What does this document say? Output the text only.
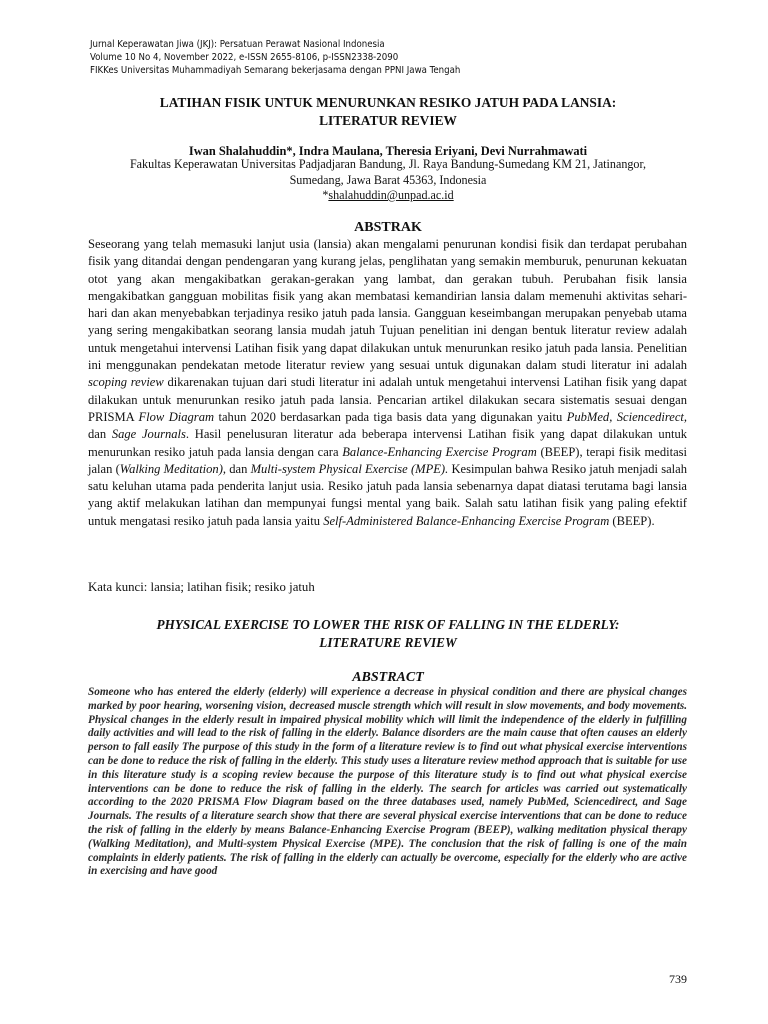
Jurnal Keperawatan Jiwa (JKJ): Persatuan Perawat Nasional Indonesia
Volume 10 No 4, November 2022, e-ISSN 2655-8106, p-ISSN2338-2090
FIKKes Universitas Muhammadiyah Semarang bekerjasama dengan PPNI Jawa Tengah
LATIHAN FISIK UNTUK MENURUNKAN RESIKO JATUH PADA LANSIA:
LITERATUR REVIEW
Iwan Shalahuddin*, Indra Maulana, Theresia Eriyani, Devi Nurrahmawati
Fakultas Keperawatan Universitas Padjadjaran Bandung, Jl. Raya Bandung-Sumedang KM 21, Jatinangor,
Sumedang, Jawa Barat 45363, Indonesia
*shalahuddin@unpad.ac.id
ABSTRAK

Seseorang yang telah memasuki lanjut usia (lansia) akan mengalami penurunan kondisi fisik dan terdapat perubahan fisik yang ditandai dengan pendengaran yang kurang jelas, penglihatan yang semakin memburuk, penurunan kekuatan otot yang akan mengakibatkan gerakan-gerakan yang lambat, dan gerakan tubuh. Perubahan fisik lansia mengakibatkan gangguan mobilitas fisik yang akan membatasi kemandirian lansia dalam memenuhi aktivitas sehari-hari dan akan menyebabkan terjadinya resiko jatuh pada lansia. Gangguan keseimbangan merupakan penyebab utama yang sering mengakibatkan seorang lansia mudah jatuh Tujuan penelitian ini dengan bentuk literatur review adalah untuk mengetahui intervensi Latihan fisik yang dapat dilakukan untuk menurunkan resiko jatuh pada lansia. Penelitian ini menggunakan pendekatan metode literatur review yang sesuai untuk digunakan dalam studi literatur ini adalah scoping review dikarenakan tujuan dari studi literatur ini adalah untuk mengetahui intervensi Latihan fisik yang dapat dilakukan untuk menurunkan resiko jatuh pada lansia. Pencarian artikel dilakukan secara sistematis sesuai dengan PRISMA Flow Diagram tahun 2020 berdasarkan pada tiga basis data yang digunakan yaitu PubMed, Sciencedirect, dan Sage Journals. Hasil penelusuran literatur ada beberapa intervensi Latihan fisik yang dapat dilakukan untuk menurunkan resiko jatuh pada lansia dengan cara Balance-Enhancing Exercise Program (BEEP), terapi fisik meditasi jalan (Walking Meditation), dan Multi-system Physical Exercise (MPE). Kesimpulan bahwa Resiko jatuh menjadi salah satu keluhan utama pada penderita lanjut usia. Resiko jatuh pada lansia sebenarnya dapat diatasi terutama bagi lansia yang aktif melakukan latihan dan mempunyai fungsi mental yang baik. Salah satu latihan fisik yang paling efektif untuk mengatasi resiko jatuh pada lansia yaitu Self-Administered Balance-Enhancing Exercise Program (BEEP).

Kata kunci: lansia; latihan fisik; resiko jatuh
PHYSICAL EXERCISE TO LOWER THE RISK OF FALLING IN THE ELDERLY:
LITERATURE REVIEW
ABSTRACT

Someone who has entered the elderly (elderly) will experience a decrease in physical condition and there are physical changes marked by poor hearing, worsening vision, decreased muscle strength which will result in slow movements, and body movements. Physical changes in the elderly result in impaired physical mobility which will limit the independence of the elderly in fulfilling daily activities and will lead to the risk of falling in the elderly. Balance disorders are the main cause that often causes an elderly person to fall easily The purpose of this study in the form of a literature review is to find out what physical exercise interventions can be done to reduce the risk of falling in the elderly. This study uses a literature review method approach that is suitable for use in this literature study is a scoping review because the purpose of this literature study is to find out what physical exercise interventions can be done to reduce the risk of falling in the elderly. The search for articles was carried out systematically according to the 2020 PRISMA Flow Diagram based on the three databases used, namely PubMed, Sciencedirect, and Sage Journals. The results of a literature search show that there are several physical exercise interventions that can be done to reduce the risk of falling in the elderly by means Balance-Enhancing Exercise Program (BEEP), walking meditation physical therapy (Walking Meditation), and Multi-system Physical Exercise (MPE). The conclusion that the risk of falling is one of the main complaints in elderly patients. The risk of falling in the elderly can actually be overcome, especially for the elderly who are active in exercising and have good

739
